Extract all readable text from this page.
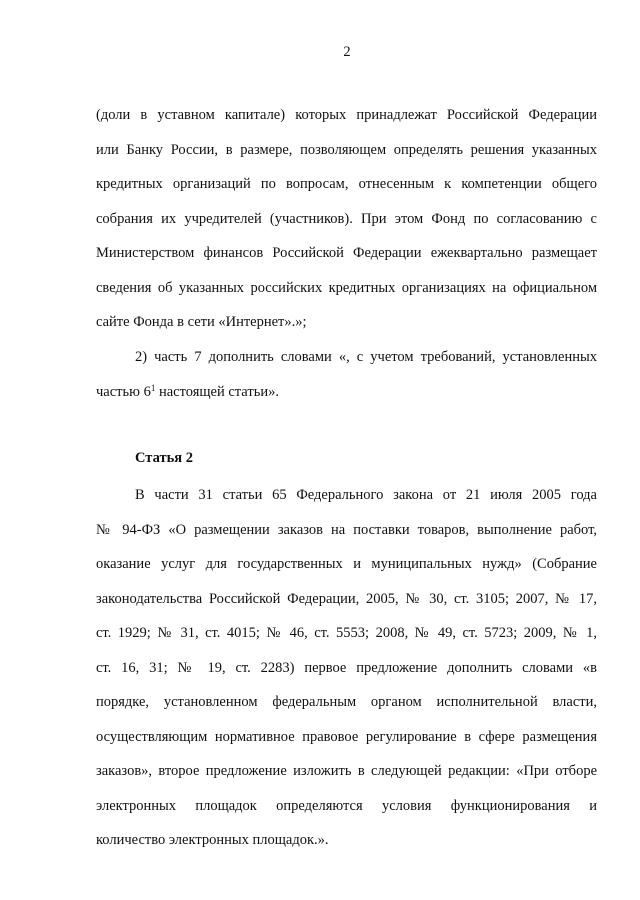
2
(доли в уставном капитале) которых принадлежат Российской Федерации
или Банку России, в размере, позволяющем определять решения указанных
кредитных организаций по вопросам, отнесенным к компетенции общего
собрания их учредителей (участников). При этом Фонд по согласованию с
Министерством финансов Российской Федерации ежеквартально размещает
сведения об указанных российских кредитных организациях на официальном
сайте Фонда в сети «Интернет».»;
2) часть 7 дополнить словами «, с учетом требований, установленных
частью $6^1$ настоящей статьи».
Статья 2
В части 31 статьи 65 Федерального закона от 21 июля 2005 года
№ 94-ФЗ «О размещении заказов на поставки товаров, выполнение работ,
оказание услуг для государственных и муниципальных нужд» (Собрание
законодательства Российской Федерации, 2005, № 30, ст. 3105; 2007, № 17,
ст. 1929; № 31, ст. 4015; № 46, ст. 5553; 2008, № 49, ст. 5723; 2009, № 1,
ст. 16, 31; № 19, ст. 2283) первое предложение дополнить словами «в
порядке, установленном федеральным органом исполнительной власти,
осуществляющим нормативное правовое регулирование в сфере размещения
заказов», второе предложение изложить в следующей редакции: «При отборе
электронных площадок определяются условия функционирования и
количество электронных площадок.».
